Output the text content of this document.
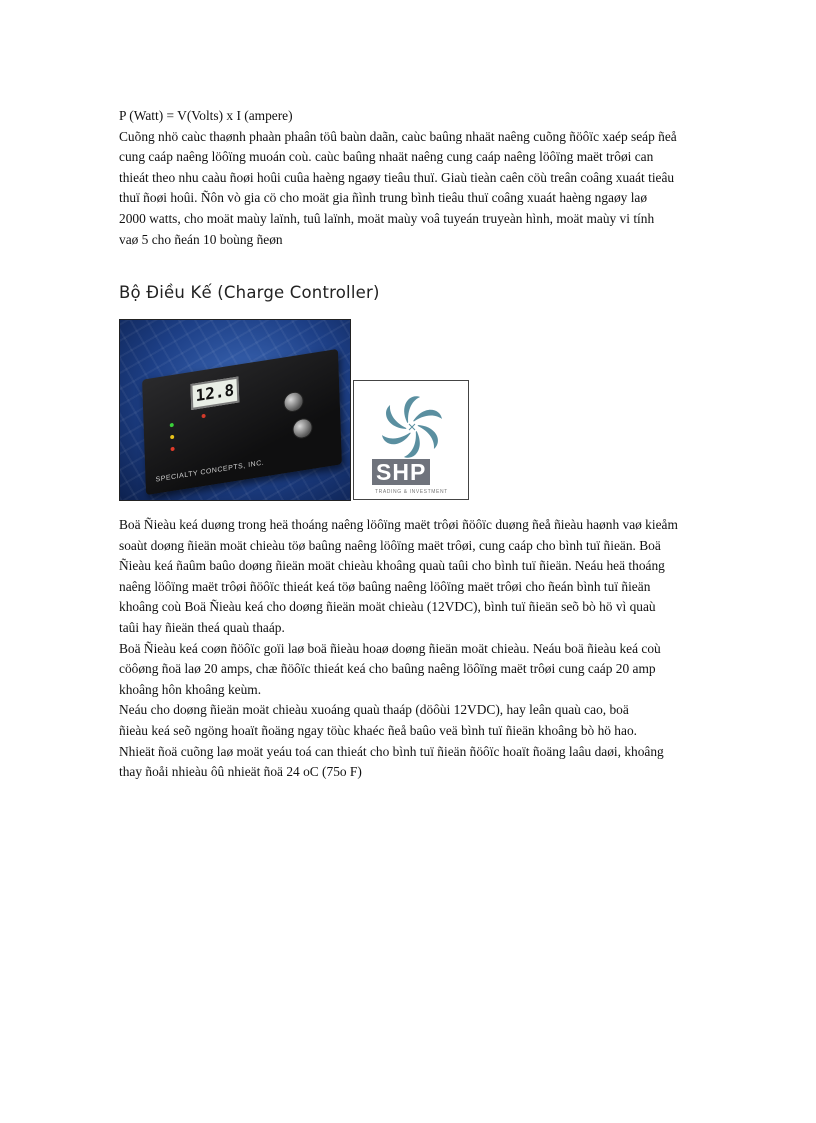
P (Watt) = V(Volts) x I (ampere)
Cuõng nhö caùc thaønh phaàn phaân töû baùn daãn, caùc baûng nhaät naêng cuõng ñöôïc xaép seáp ñeå
cung caáp naêng löôïng muoán coù. caùc baûng nhaät naêng cung caáp naêng löôïng maët trôøi can
thieát theo nhu caàu ñoøi hoûi cuûa haèng ngaøy tieâu thuï. Giaù tieàn caên cöù treân coâng xuaát tieâu
thuï ñoøi hoûi. Ñôn vò gia cö cho moät gia ñình trung bình tieâu thuï coâng xuaát haèng ngaøy laø
2000 watts, cho moät maùy laïnh, tuû laïnh, moät maùy voâ tuyeán truyeàn hình, moät maùy vi tính
vaø 5 cho ñeán 10 boùng ñeøn
Bộ Điều Kế (Charge Controller)
12.8
SPECIALTY CONCEPTS, INC.	SHP
TRADING & INVESTMENT
Boä Ñieàu keá duøng trong heä thoáng naêng löôïng maët trôøi ñöôïc duøng ñeå ñieàu haønh vaø kieåm
soaùt doøng ñieän moät chieàu töø baûng naêng löôïng maët trôøi, cung caáp cho bình tuï ñieän. Boä
Ñieàu keá ñaûm baûo doøng ñieän moät chieàu khoâng quaù taûi cho bình tuï ñieän. Neáu heä thoáng
naêng löôïng maët trôøi ñöôïc thieát keá töø baûng naêng löôïng maët trôøi cho ñeán bình tuï ñieän
khoâng coù Boä Ñieàu keá cho doøng ñieän moät chieàu (12VDC), bình tuï ñieän seõ bò hö vì quaù
taûi hay ñieän theá quaù thaáp.
Boä Ñieàu keá coøn ñöôïc goïi laø boä ñieàu hoaø doøng ñieän moät chieàu. Neáu boä ñieàu keá coù
cöôøng ñoä laø 20 amps, chæ ñöôïc thieát keá cho baûng naêng löôïng maët trôøi cung caáp 20 amp
khoâng hôn khoâng keùm.
Neáu cho doøng ñieän moät chieàu xuoáng quaù thaáp (döôùi 12VDC), hay leân quaù cao, boä
ñieàu keá seõ ngöng hoaït ñoäng ngay töùc khaéc ñeå baûo veä bình tuï ñieän khoâng bò hö hao.
Nhieät ñoä cuõng laø moät yeáu toá can thieát cho bình tuï ñieän ñöôïc hoaït ñoäng laâu daøi, khoâng
thay ñoåi nhieàu ôû nhieät ñoä 24 oC (75o F)
